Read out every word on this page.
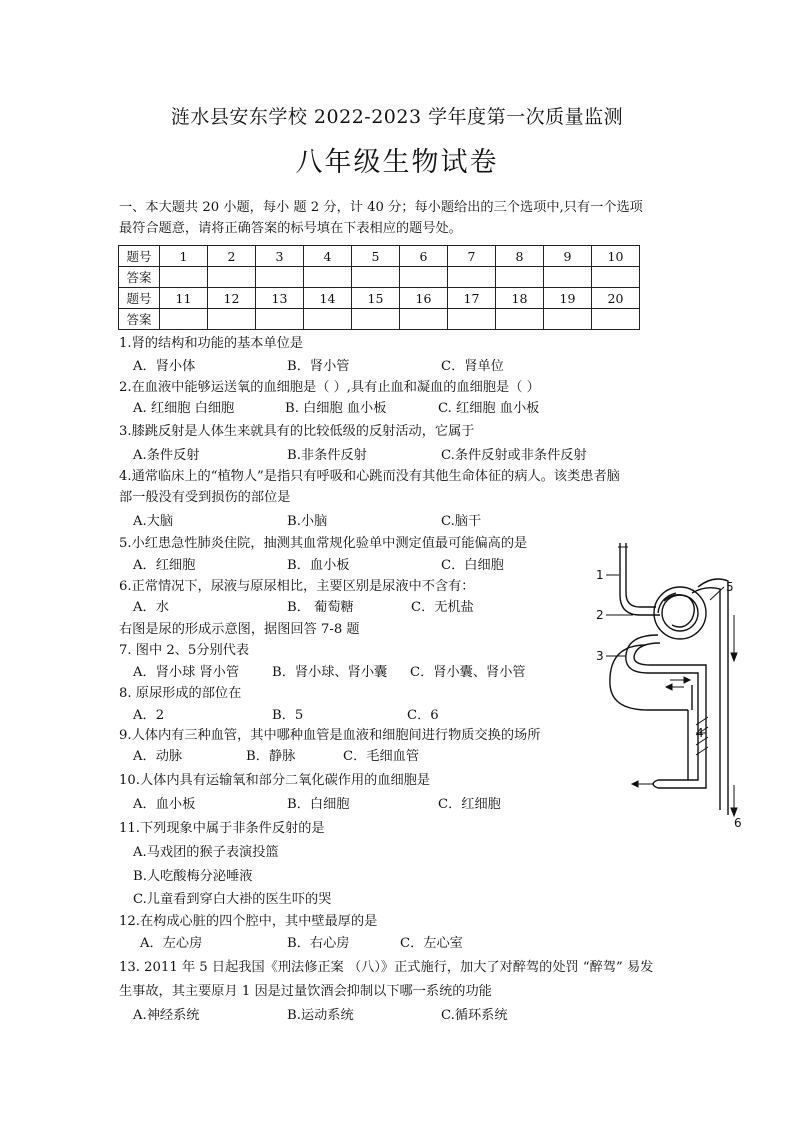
涟水县安东学校 2022-2023 学年度第一次质量监测
八年级生物试卷
一、本大题共 20 小题，每小 题 2 分，计 40 分；每小题给出的三个选项中,只有一个选项
最符合题意，请将正确答案的标号填在下表相应的题号处。
题号	1	2	3	4	5	6	7	8	9	10
答案										
题号	11	12	13	14	15	16	17	18	19	20
答案										
1.肾的结构和功能的基本单位是
A．肾小体	B．肾小管	C．肾单位
2.在血液中能够运送氧的血细胞是（ ）,具有止血和凝血的血细胞是（ ）
A. 红细胞 白细胞	B. 白细胞 血小板	C. 红细胞 血小板
3.膝跳反射是人体生来就具有的比较低级的反射活动，它属于
A.条件反射	B.非条件反射	C.条件反射或非条件反射
4.通常临床上的“植物人”是指只有呼吸和心跳而没有其他生命体征的病人。该类患者脑
部一般没有受到损伤的部位是
A.大脑	B.小脑	C.脑干
5.小红患急性肺炎住院，抽测其血常规化验单中测定值最可能偏高的是
A．红细胞	B．血小板	C．白细胞
6.正常情况下，尿液与原尿相比，主要区别是尿液中不含有：
A．水	B． 葡萄糖	C．无机盐
右图是尿的形成示意图，据图回答 7-8 题
7. 图中 2、5分别代表
A．肾小球 肾小管 B．肾小球、肾小囊 C．肾小囊、肾小管
8. 原尿形成的部位在
A．2	B．5	C．6
9.人体内有三种血管，其中哪种血管是血液和细胞间进行物质交换的场所
A．动脉	B．静脉	C．毛细血管
10.人体内具有运输氧和部分二氧化碳作用的血细胞是
A．血小板	B．白细胞	C．红细胞
11.下列现象中属于非条件反射的是
A.马戏团的猴子表演投篮
B.人吃酸梅分泌唾液
C.儿童看到穿白大褂的医生吓的哭
12.在构成心脏的四个腔中，其中壁最厚的是
A．左心房	B．右心房	C．左心室
13. 2011 年 5 日起我国《刑法修正案 （八）》正式施行，加大了对醉驾的处罚 “醉驾” 易发
生事故，其主要原月 1 因是过量饮酒会抑制以下哪一系统的功能
A.神经系统	B.运动系统	C.循环系统
1
2
3
4
5
6
